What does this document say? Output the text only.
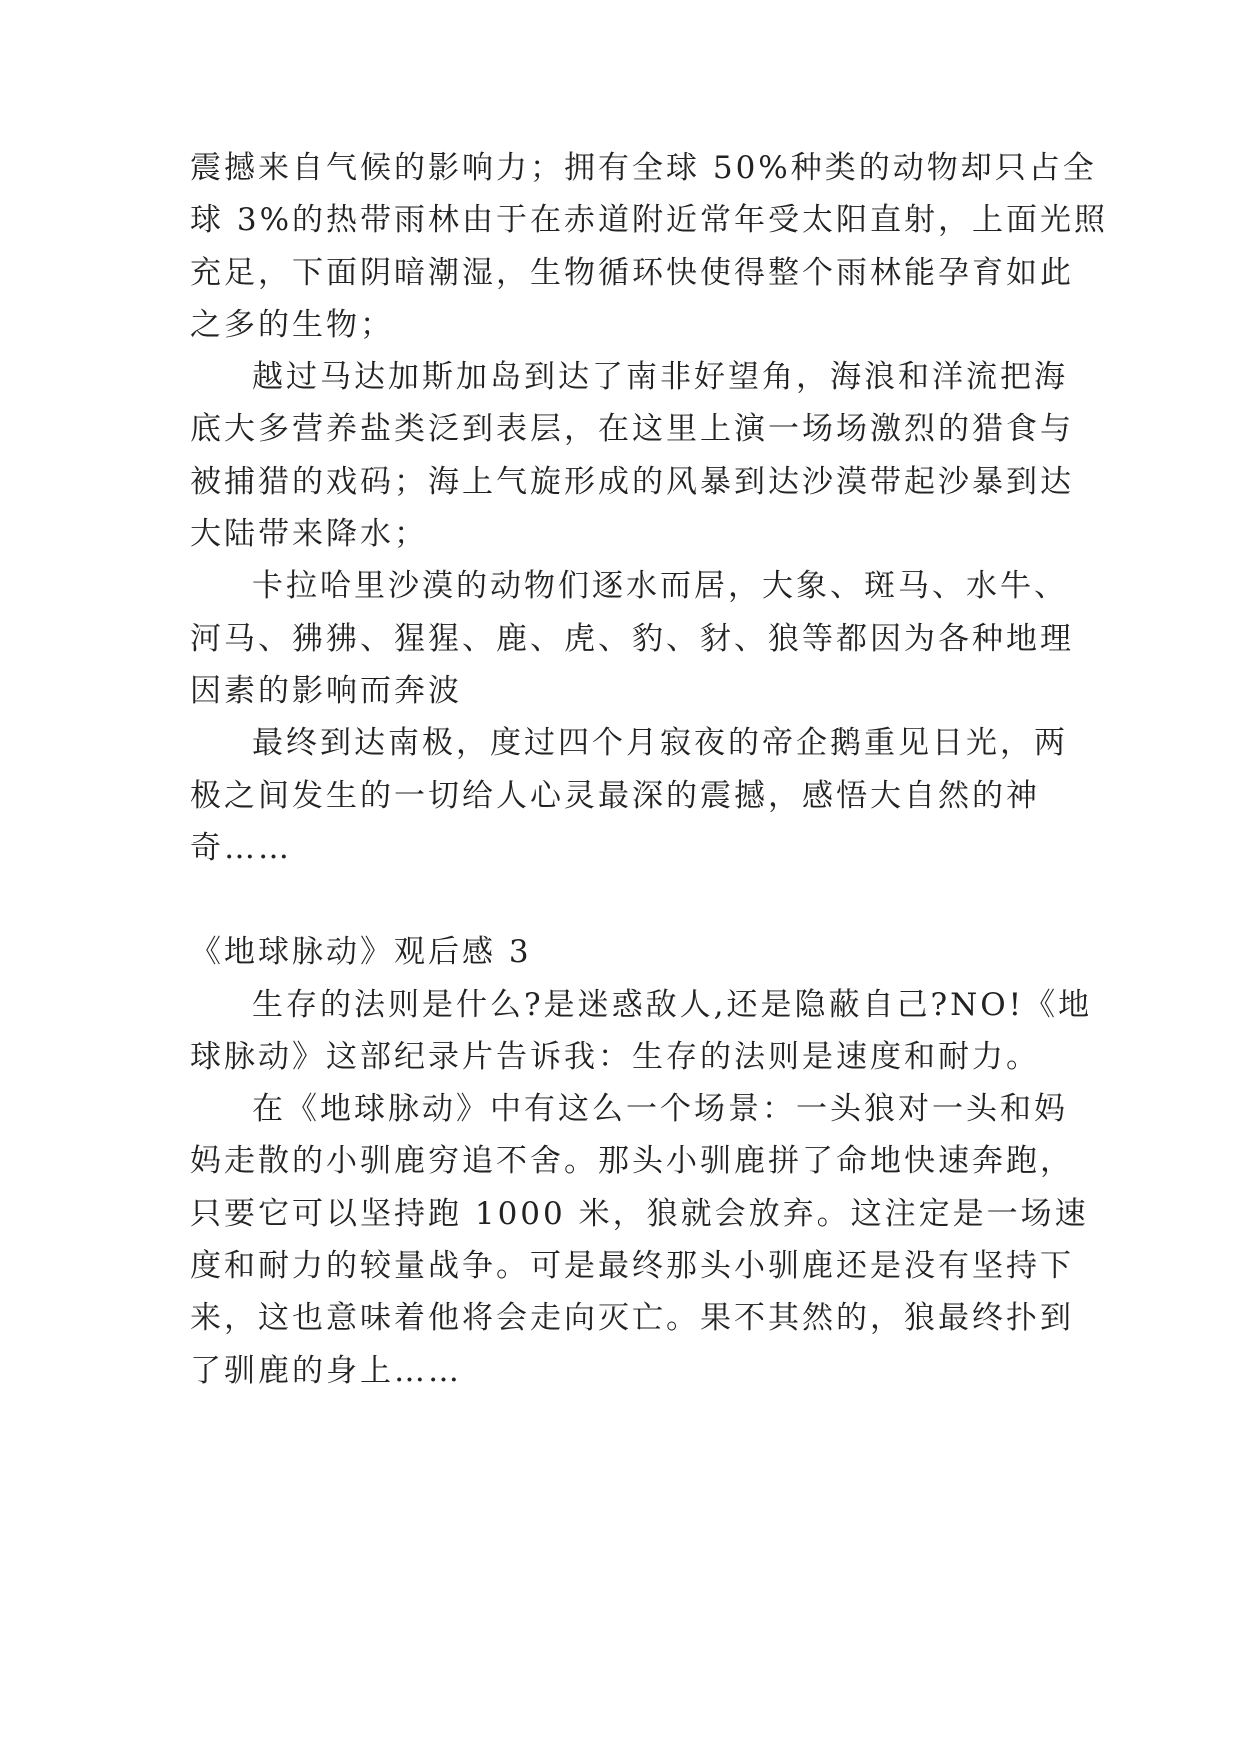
震撼来自气候的影响力；拥有全球 50%种类的动物却只占全
球 3%的热带雨林由于在赤道附近常年受太阳直射，上面光照
充足，下面阴暗潮湿，生物循环快使得整个雨林能孕育如此
之多的生物；
越过马达加斯加岛到达了南非好望角，海浪和洋流把海
底大多营养盐类泛到表层，在这里上演一场场激烈的猎食与
被捕猎的戏码；海上气旋形成的风暴到达沙漠带起沙暴到达
大陆带来降水；
卡拉哈里沙漠的动物们逐水而居，大象、斑马、水牛、
河马、狒狒、猩猩、鹿、虎、豹、豺、狼等都因为各种地理
因素的影响而奔波
最终到达南极，度过四个月寂夜的帝企鹅重见日光，两
极之间发生的一切给人心灵最深的震撼，感悟大自然的神
奇……
《地球脉动》观后感 3
生存的法则是什么?是迷惑敌人,还是隐蔽自己?NO!《地
球脉动》这部纪录片告诉我：生存的法则是速度和耐力。
在《地球脉动》中有这么一个场景：一头狼对一头和妈
妈走散的小驯鹿穷追不舍。那头小驯鹿拼了命地快速奔跑，
只要它可以坚持跑 1000 米，狼就会放弃。这注定是一场速
度和耐力的较量战争。可是最终那头小驯鹿还是没有坚持下
来，这也意味着他将会走向灭亡。果不其然的，狼最终扑到
了驯鹿的身上……
